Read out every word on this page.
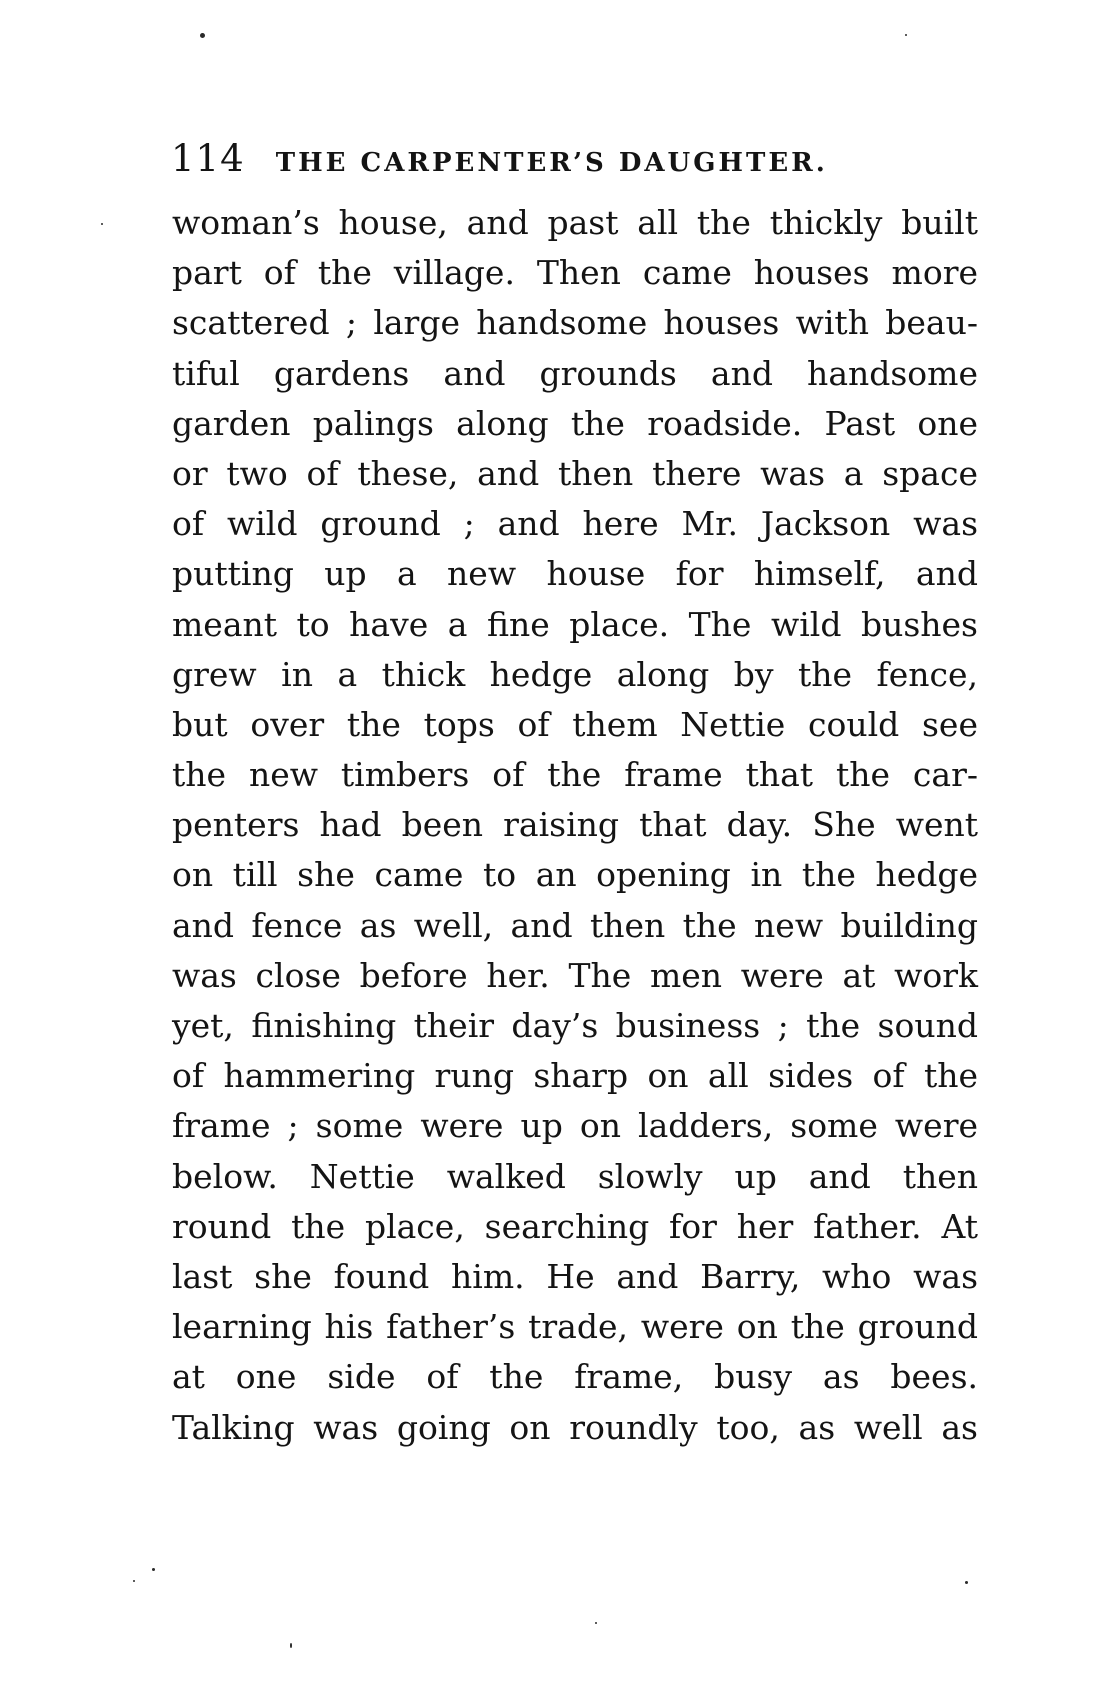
114 THE CARPENTER’S DAUGHTER.
woman’s house, and past all the thickly built
part of the village. Then came houses more
scattered ; large handsome houses with beau-
tiful gardens and grounds and handsome
garden palings along the roadside. Past one
or two of these, and then there was a space
of wild ground ; and here Mr. Jackson was
putting up a new house for himself, and
meant to have a fine place. The wild bushes
grew in a thick hedge along by the fence,
but over the tops of them Nettie could see
the new timbers of the frame that the car-
penters had been raising that day. She went
on till she came to an opening in the hedge
and fence as well, and then the new building
was close before her. The men were at work
yet, finishing their day’s business ; the sound
of hammering rung sharp on all sides of the
frame ; some were up on ladders, some were
below. Nettie walked slowly up and then
round the place, searching for her father. At
last she found him. He and Barry, who was
learning his father’s trade, were on the ground
at one side of the frame, busy as bees.
Talking was going on roundly too, as well as
